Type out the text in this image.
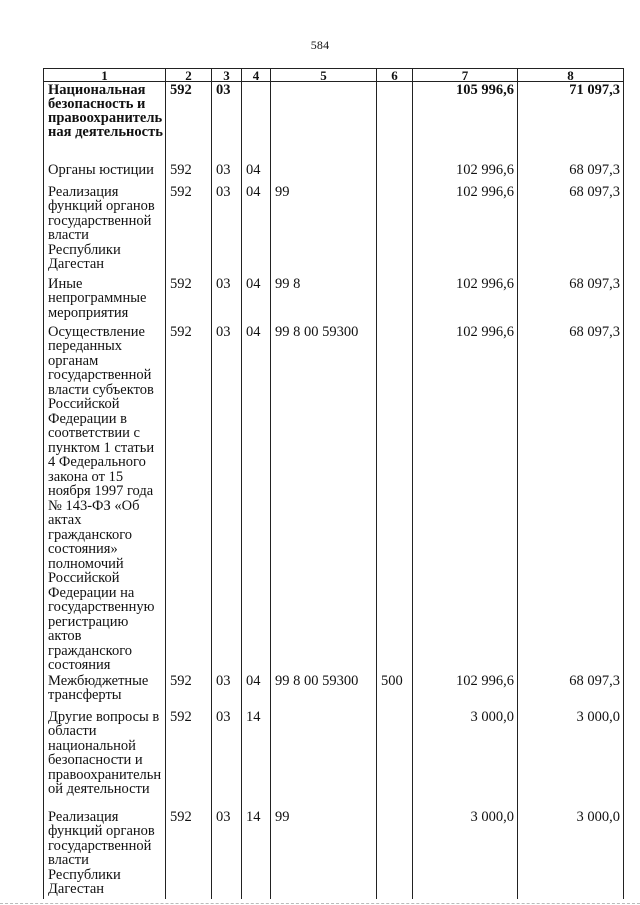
584
1	2	3	4	5	6	7	8
Национальная безопасность и правоохранительная деятельность	592	03				105 996,6	71 097,3
Органы юстиции	592	03	04			102 996,6	68 097,3
Реализация функций органов государственной власти Республики Дагестан	592	03	04	99		102 996,6	68 097,3
Иные непрограммные мероприятия	592	03	04	99 8		102 996,6	68 097,3
Осуществление переданных органам государственной власти субъектов Российской Федерации в соответствии с пунктом 1 статьи 4 Федерального закона от 15 ноября 1997 года № 143-ФЗ «Об актах гражданского состояния» полномочий Российской Федерации на государственную регистрацию актов гражданского состояния	592	03	04	99 8 00 59300		102 996,6	68 097,3
Межбюджетные трансферты	592	03	04	99 8 00 59300	500	102 996,6	68 097,3
Другие вопросы в области национальной безопасности и правоохранительной деятельности	592	03	14			3 000,0	3 000,0
Реализация функций органов государственной власти Республики Дагестан	592	03	14	99		3 000,0	3 000,0
